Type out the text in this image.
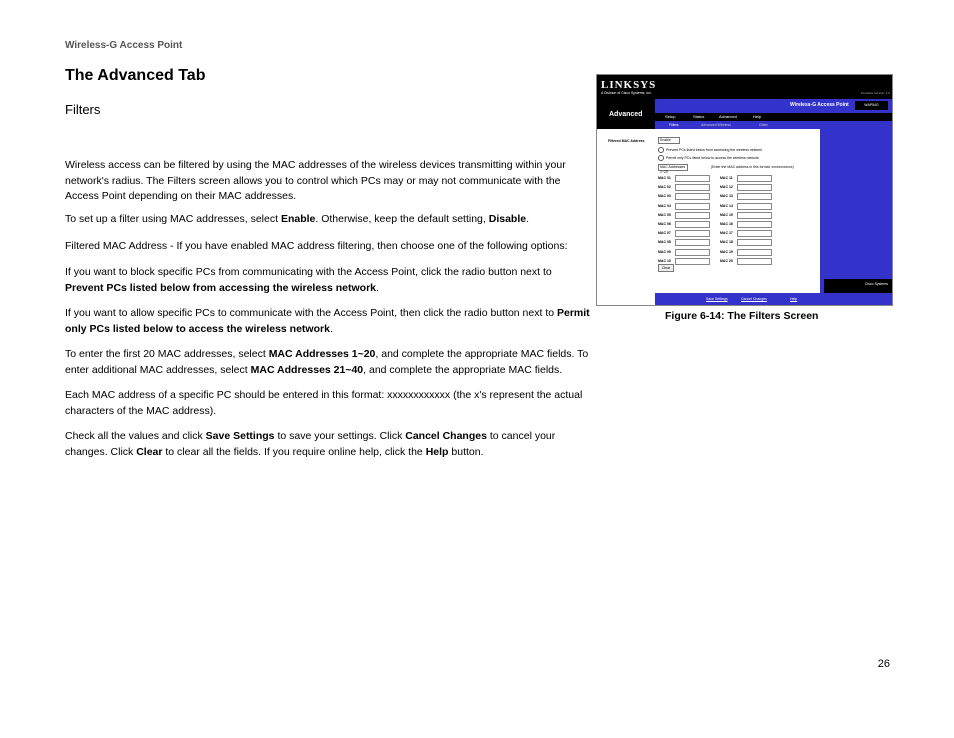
Wireless-G Access Point
The Advanced Tab
Filters
Wireless access can be filtered by using the MAC addresses of the wireless devices transmitting within your network's radius. The Filters screen allows you to control which PCs may or may not communicate with the Access Point depending on their MAC addresses.
To set up a filter using MAC addresses, select Enable. Otherwise, keep the default setting, Disable.
Filtered MAC Address - If you have enabled MAC address filtering, then choose one of the following options:
If you want to block specific PCs from communicating with the Access Point, click the radio button next to Prevent PCs listed below from accessing the wireless network.
If you want to allow specific PCs to communicate with the Access Point, then click the radio button next to Permit only PCs listed below to access the wireless network.
To enter the first 20 MAC addresses, select MAC Addresses 1~20, and complete the appropriate MAC fields. To enter additional MAC addresses, select MAC Addresses 21~40, and complete the appropriate MAC fields.
Each MAC address of a specific PC should be entered in this format: xxxxxxxxxxxx (the x's represent the actual characters of the MAC address).
Check all the values and click Save Settings to save your settings. Click Cancel Changes to cancel your changes. Click Clear to clear all the fields. If you require online help, click the Help button.
LINKSYS
A Division of Cisco Systems, Inc.	Firmware Version: 1.0
Advanced
Wireless-G Access Point	WAP54G
Setup	Status	Advanced	Help
Filters	Advanced Wireless	Other
Filtered MAC Address	Enable
Prevent PCs listed below from accessing the wireless network
Permit only PCs listed below to access the wireless network
MAC Addresses 1~20
(Enter the MAC address in this format: xxxxxxxxxxxx)
MAC 01	MAC 11
MAC 02	MAC 12
MAC 03	MAC 13
MAC 04	MAC 14
MAC 05	MAC 15
MAC 06	MAC 16
MAC 07	MAC 17
MAC 08	MAC 18
MAC 09	MAC 19
MAC 10	MAC 20
Clear
Cisco Systems
Save Settings	Cancel Changes	Help
Figure 6-14: The Filters Screen
26
